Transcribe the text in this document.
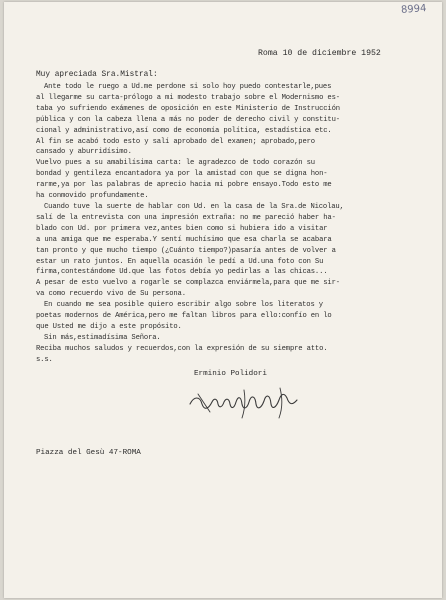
8994
Roma 10 de diciembre 1952
Muy apreciada Sra.Mistral:
Ante todo le ruego a Ud.me perdone si solo hoy puedo contestarle,pues
al llegarme su carta-prólogo a mi modesto trabajo sobre el Modernismo es-
taba yo sufriendo exámenes de oposición en este Ministerio de Instrucción
pública y con la cabeza llena a más no poder de derecho civil y constitu-
cional y administrativo,así como de economía política, estadística etc.
Al fin se acabó todo esto y salí aprobado del examen; aprobado,pero
cansado y aburridísimo.
Vuelvo pues a su amabilísima carta: le agradezco de todo corazón su
bondad y gentileza encantadora ya por la amistad con que se digna hon-
rarme,ya por las palabras de aprecio hacia mi pobre ensayo.Todo esto me
ha conmovido profundamente.
Cuando tuve la suerte de hablar con Ud. en la casa de la Sra.de Nicolau,
salí de la entrevista con una impresión extraña: no me pareció haber ha-
blado con Ud. por primera vez,antes bien como si hubiera ido a visitar
a una amiga que me esperaba.Y sentí muchísimo que esa charla se acabara
tan pronto y que mucho tiempo (¿Cuánto tiempo?)pasaría antes de volver a
estar un rato juntos. En aquella ocasión le pedí a Ud.una foto con Su
firma,contestándome Ud.que las fotos debía yo pedirlas a las chicas...
A pesar de esto vuelvo a rogarle se complazca enviármela,para que me sir-
va como recuerdo vivo de Su persona.
En cuando me sea posible quiero escribir algo sobre los literatos y
poetas modernos de América,pero me faltan libros para ello:confío en lo
que Usted me dijo a este propósito.
Sin más,estimadísima Señora.
Reciba muchos saludos y recuerdos,con la expresión de su siempre atto.
s.s.
Erminio Polidori
Piazza del Gesù 47-ROMA
